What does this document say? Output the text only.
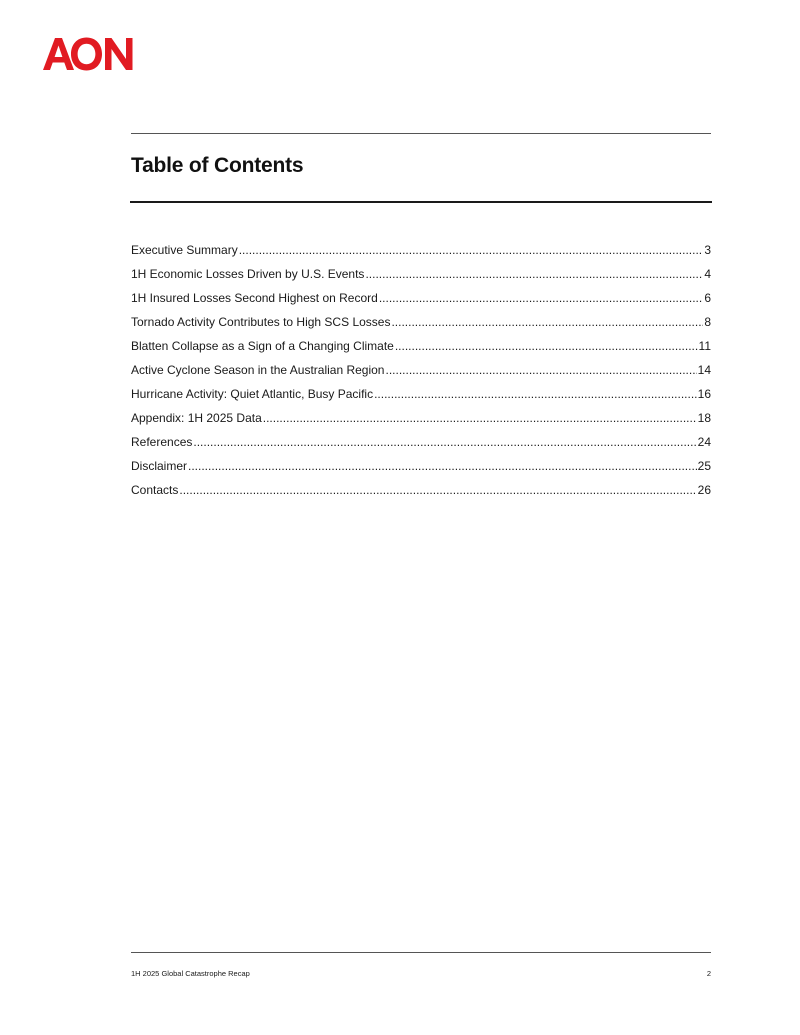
Table of Contents
Executive Summary .....	3
1H Economic Losses Driven by U.S. Events .....	4
1H Insured Losses Second Highest on Record .....	6
Tornado Activity Contributes to High SCS Losses .....	8
Blatten Collapse as a Sign of a Changing Climate .....	11
Active Cyclone Season in the Australian Region .....	14
Hurricane Activity: Quiet Atlantic, Busy Pacific .....	16
Appendix: 1H 2025 Data .....	18
References .....	24
Disclaimer .....	25
Contacts .....	26
1H 2025 Global Catastrophe Recap	2
